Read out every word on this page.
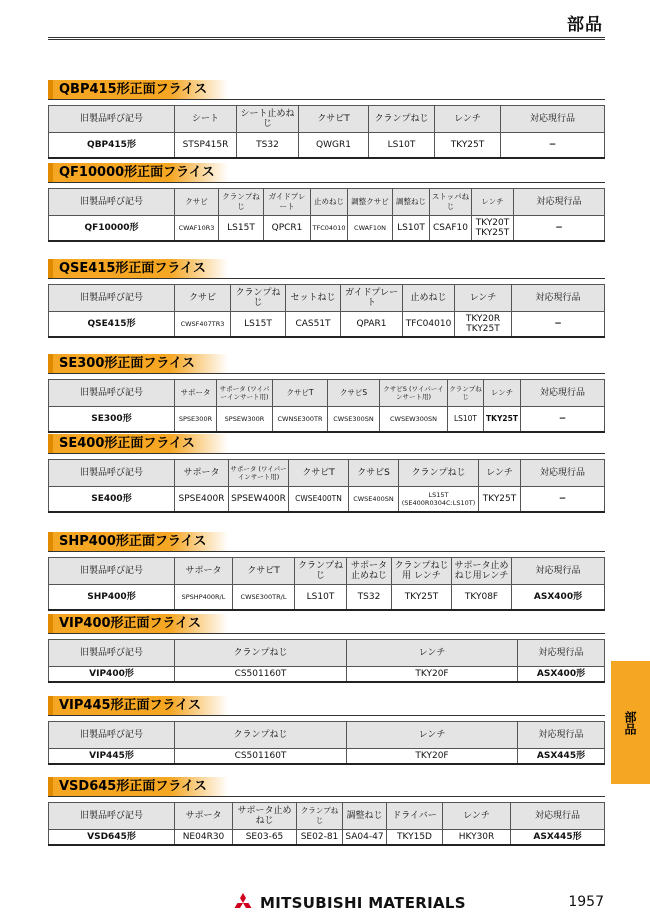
部品
QBP415形正面フライス
旧製品呼び記号	シート	シート止めねじ	クサビT	クランプねじ	レンチ	対応現行品
QBP415形	STSP415R	TS32	QWGR1	LS10T	TKY25T	−
QF10000形正面フライス
旧製品呼び記号	クサビ	クランプねじ	ガイドプレート	止めねじ	調整クサビ	調整ねじ	ストッパねじ	レンチ	対応現行品
QF10000形	CWAF10R3	LS15T	QPCR1	TFC04010	CWAF10N	LS10T	CSAF10	TKY20T TKY25T	−
QSE415形正面フライス
旧製品呼び記号	クサビ	クランプねじ	セットねじ	ガイドプレート	止めねじ	レンチ	対応現行品
QSE415形	CWSF407TR3	LS15T	CAS51T	QPAR1	TFC04010	TKY20R TKY25T	−
SE300形正面フライス
旧製品呼び記号	サポータ	サポータ (ワイパーインサート用)	クサビT	クサビS	クサビS (ワイパーインサート用)	クランプねじ	レンチ	対応現行品
SE300形	SPSE300R	SPSEW300R	CWNSE300TR	CWSE300SN	CWSEW300SN	LS10T	TKY25T	−
SE400形正面フライス
旧製品呼び記号	サポータ	サポータ (ワイパーインサート用)	クサビT	クサビS	クランプねじ	レンチ	対応現行品
SE400形	SPSE400R	SPSEW400R	CWSE400TN	CWSE400SN	LS15T (SE400R0304C:LS10T)	TKY25T	−
SHP400形正面フライス
旧製品呼び記号	サポータ	クサビT	クランプねじ	サポータ 止めねじ	クランプねじ用 レンチ	サポータ止め ねじ用レンチ	対応現行品
SHP400形	SPSHP400R/L	CWSE300TR/L	LS10T	TS32	TKY25T	TKY08F	ASX400形
VIP400形正面フライス
旧製品呼び記号	クランプねじ	レンチ	対応現行品
VIP400形	CS501160T	TKY20F	ASX400形
VIP445形正面フライス
旧製品呼び記号	クランプねじ	レンチ	対応現行品
VIP445形	CS501160T	TKY20F	ASX445形
VSD645形正面フライス
旧製品呼び記号	サポータ	サポータ止めねじ	クランプねじ	調整ねじ	ドライバー	レンチ	対応現行品
VSD645形	NE04R30	SE03-65	SE02-81	SA04-47	TKY15D	HKY30R	ASX445形
部品
MITSUBISHI MATERIALS	1957
